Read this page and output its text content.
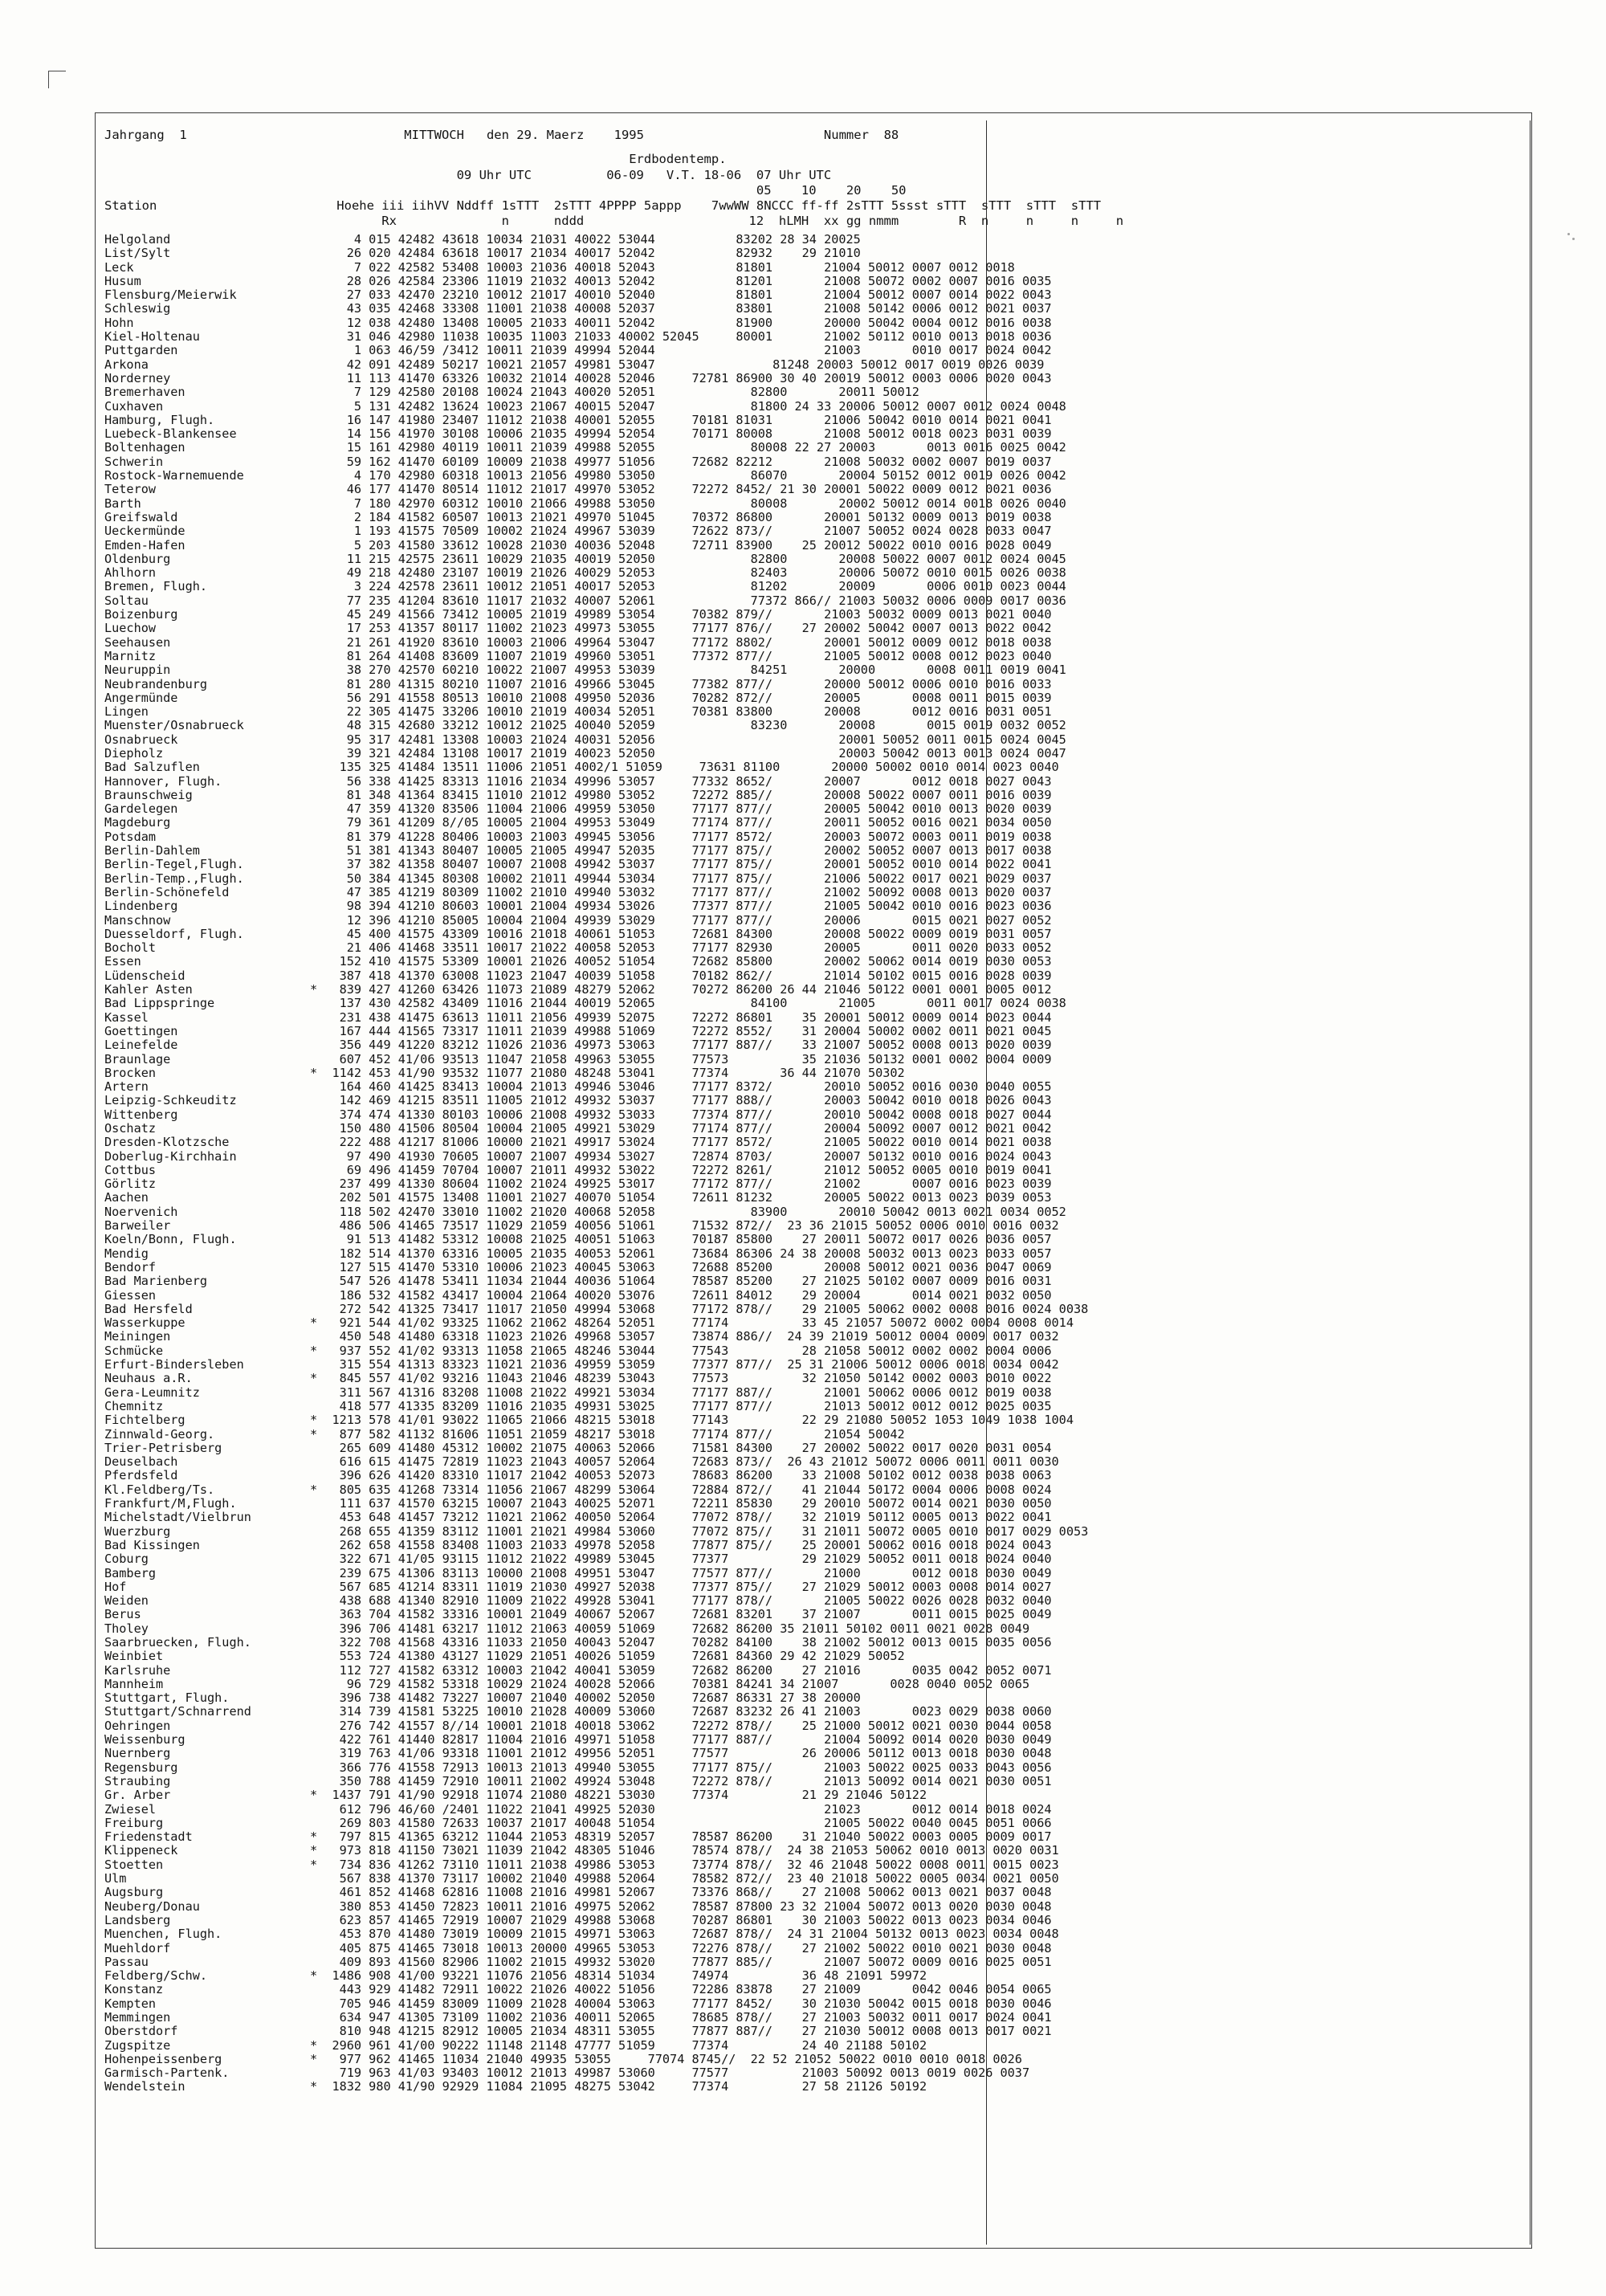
Jahrgang 1	MITTWOCH den 29. Maerz 1995	Nummer 88
Erdbodentemp.
09 Uhr UTC          06-09   V.T. 18-06  07 Uhr UTC
05    10    20    50
Station                        Hoehe iii iihVV Nddff 1sTTT  2sTTT 4PPPP 5appp    7wwWW 8NCCC ff-ff 2sTTT 5ssst sTTT  sTTT  sTTT  sTTT
Rx              n      nddd                      12  hLMH  xx gg nmmm        R  n     n     n     n
Helgoland                         4 015 42482 43618 10034 21031 40022 53044           83202 28 34 20025
List/Sylt                        26 020 42484 63618 10017 21034 40017 52042           82932    29 21010
Leck                              7 022 42582 53408 10003 21036 40018 52043           81801       21004 50012 0007 0012 0018
Husum                            28 026 42584 23306 11019 21032 40013 52042           81201       21008 50072 0002 0007 0016 0035
Flensburg/Meierwik               27 033 42470 23210 10012 21017 40010 52040           81801       21004 50012 0007 0014 0022 0043
Schleswig                        43 035 42468 33308 11001 21038 40008 52037           83801       21008 50142 0006 0012 0021 0037
Hohn                             12 038 42480 13408 10005 21033 40011 52042           81900       20000 50042 0004 0012 0016 0038
Kiel-Holtenau                    31 046 42980 11038 10035 11003 21033 40002 52045     80001       21002 50112 0010 0013 0018 0036
Puttgarden                        1 063 46/59 /3412 10011 21039 49994 52044                       21003       0010 0017 0024 0042
Arkona                           42 091 42489 50217 10021 21057 49981 53047                81248 20003 50012 0017 0019 0026 0039
Norderney                        11 113 41470 63326 10032 21014 40028 52046     72781 86900 30 40 20019 50012 0003 0006 0020 0043
Bremerhaven                       7 129 42580 20108 10024 21043 40020 52051             82800       20011 50012
Cuxhaven                          5 131 42482 13624 10023 21067 40015 52047             81800 24 33 20006 50012 0007 0012 0024 0048
Hamburg, Flugh.                  16 147 41980 23407 11012 21038 40001 52055     70181 81031       21006 50042 0010 0014 0021 0041
Luebeck-Blankensee               14 156 41970 30108 10006 21035 49994 52054     70171 80008       21008 50012 0018 0023 0031 0039
Boltenhagen                      15 161 42980 40119 10011 21039 49988 52055             80008 22 27 20003       0013 0016 0025 0042
Schwerin                         59 162 41470 60109 10009 21038 49977 51056     72682 82212       21008 50032 0002 0007 0019 0037
Rostock-Warnemuende               4 170 42980 60318 10013 21056 49980 53050             86070       20004 50152 0012 0019 0026 0042
Teterow                          46 177 41470 80514 11012 21017 49970 53052     72272 8452/ 21 30 20001 50022 0009 0012 0021 0036
Barth                             7 180 42970 60312 10010 21066 49988 53050             80008       20002 50012 0014 0018 0026 0040
Greifswald                        2 184 41582 60507 10013 21021 49970 51045     70372 86800       20001 50132 0009 0013 0019 0038
Ueckermünde                       1 193 41575 70509 10002 21024 49967 53039     72622 873//       21007 50052 0024 0028 0033 0047
Emden-Hafen                       5 203 41580 33612 10028 21030 40036 52048     72711 83900    25 20012 50022 0010 0016 0028 0049
Oldenburg                        11 215 42575 23611 10029 21035 40019 52050             82800       20008 50022 0007 0012 0024 0045
Ahlhorn                          49 218 42480 23107 10019 21026 40029 52053             82403       20006 50072 0010 0015 0026 0038
Bremen, Flugh.                    3 224 42578 23611 10012 21051 40017 52053             81202       20009       0006 0010 0023 0044
Soltau                           77 235 41204 83610 11017 21032 40007 52061             77372 866// 21003 50032 0006 0009 0017 0036
Boizenburg                       45 249 41566 73412 10005 21019 49989 53054     70382 879//       21003 50032 0009 0013 0021 0040
Luechow                          17 253 41357 80117 11002 21023 49973 53055     77177 876//    27 20002 50042 0007 0013 0022 0042
Seehausen                        21 261 41920 83610 10003 21006 49964 53047     77172 8802/       20001 50012 0009 0012 0018 0038
Marnitz                          81 264 41408 83609 11007 21019 49960 53051     77372 877//       21005 50012 0008 0012 0023 0040
Neuruppin                        38 270 42570 60210 10022 21007 49953 53039             84251       20000       0008 0011 0019 0041
Neubrandenburg                   81 280 41315 80210 11007 21016 49966 53045     77382 877//       20000 50012 0006 0010 0016 0033
Angermünde                       56 291 41558 80513 10010 21008 49950 52036     70282 872//       20005       0008 0011 0015 0039
Lingen                           22 305 41475 33206 10010 21019 40034 52051     70381 83800       20008       0012 0016 0031 0051
Muenster/Osnabrueck              48 315 42680 33212 10012 21025 40040 52059             83230       20008       0015 0019 0032 0052
Osnabrueck                       95 317 42481 13308 10003 21024 40031 52056                         20001 50052 0011 0015 0024 0045
Diepholz                         39 321 42484 13108 10017 21019 40023 52050                         20003 50042 0013 0013 0024 0047
Bad Salzuflen                   135 325 41484 13511 11006 21051 4002/1 51059     73631 81100       20000 50002 0010 0014 0023 0040
Hannover, Flugh.                 56 338 41425 83313 11016 21034 49996 53057     77332 8652/       20007       0012 0018 0027 0043
Braunschweig                     81 348 41364 83415 11010 21012 49980 53052     72272 885//       20008 50022 0007 0011 0016 0039
Gardelegen                       47 359 41320 83506 11004 21006 49959 53050     77177 877//       20005 50042 0010 0013 0020 0039
Magdeburg                        79 361 41209 8//05 10005 21004 49953 53049     77174 877//       20011 50052 0016 0021 0034 0050
Potsdam                          81 379 41228 80406 10003 21003 49945 53056     77177 8572/       20003 50072 0003 0011 0019 0038
Berlin-Dahlem                    51 381 41343 80407 10005 21005 49947 52035     77177 875//       20002 50052 0007 0013 0017 0038
Berlin-Tegel,Flugh.              37 382 41358 80407 10007 21008 49942 53037     77177 875//       20001 50052 0010 0014 0022 0041
Berlin-Temp.,Flugh.              50 384 41345 80308 10002 21011 49944 53034     77177 875//       21006 50022 0017 0021 0029 0037
Berlin-Schönefeld                47 385 41219 80309 11002 21010 49940 53032     77177 877//       21002 50092 0008 0013 0020 0037
Lindenberg                       98 394 41210 80603 10001 21004 49934 53026     77377 877//       21005 50042 0010 0016 0023 0036
Manschnow                        12 396 41210 85005 10004 21004 49939 53029     77177 877//       20006       0015 0021 0027 0052
Duesseldorf, Flugh.              45 400 41575 43309 10016 21018 40061 51053     72681 84300       20008 50022 0009 0019 0031 0057
Bocholt                          21 406 41468 33511 10017 21022 40058 52053     77177 82930       20005       0011 0020 0033 0052
Essen                           152 410 41575 53309 10001 21026 40052 51054     72682 85800       20002 50062 0014 0019 0030 0053
Lüdenscheid                     387 418 41370 63008 11023 21047 40039 51058     70182 862//       21014 50102 0015 0016 0028 0039
Kahler Asten                *   839 427 41260 63426 11073 21089 48279 52062     70272 86200 26 44 21046 50122 0001 0001 0005 0012
Bad Lippspringe                 137 430 42582 43409 11016 21044 40019 52065             84100       21005       0011 0017 0024 0038
Kassel                          231 438 41475 63613 11011 21056 49939 52075     72272 86801    35 20001 50012 0009 0014 0023 0044
Goettingen                      167 444 41565 73317 11011 21039 49988 51069     72272 8552/    31 20004 50002 0002 0011 0021 0045
Leinefelde                      356 449 41220 83212 11026 21036 49973 53063     77177 887//    33 21007 50052 0008 0013 0020 0039
Braunlage                       607 452 41/06 93513 11047 21058 49963 53055     77573          35 21036 50132 0001 0002 0004 0009
Brocken                     *  1142 453 41/90 93532 11077 21080 48248 53041     77374       36 44 21070 50302
Artern                          164 460 41425 83413 10004 21013 49946 53046     77177 8372/       20010 50052 0016 0030 0040 0055
Leipzig-Schkeuditz              142 469 41215 83511 11005 21012 49932 53037     77177 888//       20003 50042 0010 0018 0026 0043
Wittenberg                      374 474 41330 80103 10006 21008 49932 53033     77374 877//       20010 50042 0008 0018 0027 0044
Oschatz                         150 480 41506 80504 10004 21005 49921 53029     77174 877//       20004 50092 0007 0012 0021 0042
Dresden-Klotzsche               222 488 41217 81006 10000 21021 49917 53024     77177 8572/       21005 50022 0010 0014 0021 0038
Doberlug-Kirchhain               97 490 41930 70605 10007 21007 49934 53027     72874 8703/       20007 50132 0010 0016 0024 0043
Cottbus                          69 496 41459 70704 10007 21011 49932 53022     72272 8261/       21012 50052 0005 0010 0019 0041
Görlitz                         237 499 41330 80604 11002 21024 49925 53017     77172 877//       21002       0007 0016 0023 0039
Aachen                          202 501 41575 13408 11001 21027 40070 51054     72611 81232       20005 50022 0013 0023 0039 0053
Noervenich                      118 502 42470 33010 11002 21020 40068 52058             83900       20010 50042 0013 0021 0034 0052
Barweiler                       486 506 41465 73517 11029 21059 40056 51061     71532 872//  23 36 21015 50052 0006 0010 0016 0032
Koeln/Bonn, Flugh.               91 513 41482 53312 10008 21025 40051 51063     70187 85800    27 20011 50072 0017 0026 0036 0057
Mendig                          182 514 41370 63316 10005 21035 40053 52061     73684 86306 24 38 20008 50032 0013 0023 0033 0057
Bendorf                         127 515 41470 53310 10006 21023 40045 53063     72688 85200       20008 50012 0021 0036 0047 0069
Bad Marienberg                  547 526 41478 53411 11034 21044 40036 51064     78587 85200    27 21025 50102 0007 0009 0016 0031
Giessen                         186 532 41582 43417 10004 21064 40020 53076     72611 84012    29 20004       0014 0021 0032 0050
Bad Hersfeld                    272 542 41325 73417 11017 21050 49994 53068     77172 878//    29 21005 50062 0002 0008 0016 0024 0038
Wasserkuppe                 *   921 544 41/02 93325 11062 21062 48264 52051     77174          33 45 21057 50072 0002 0004 0008 0014
Meiningen                       450 548 41480 63318 11023 21026 49968 53057     73874 886//  24 39 21019 50012 0004 0009 0017 0032
Schmücke                    *   937 552 41/02 93313 11058 21065 48246 53044     77543          28 21058 50012 0002 0002 0004 0006
Erfurt-Bindersleben             315 554 41313 83323 11021 21036 49959 53059     77377 877//  25 31 21006 50012 0006 0018 0034 0042
Neuhaus a.R.                *   845 557 41/02 93216 11043 21046 48239 53043     77573          32 21050 50142 0002 0003 0010 0022
Gera-Leumnitz                   311 567 41316 83208 11008 21022 49921 53034     77177 887//       21001 50062 0006 0012 0019 0038
Chemnitz                        418 577 41335 83209 11016 21035 49931 53025     77177 877//       21013 50012 0012 0012 0025 0035
Fichtelberg                 *  1213 578 41/01 93022 11065 21066 48215 53018     77143          22 29 21080 50052 1053 1049 1038 1004
Zinnwald-Georg.             *   877 582 41132 81606 11051 21059 48217 53018     77174 877//       21054 50042
Trier-Petrisberg                265 609 41480 45312 10002 21075 40063 52066     71581 84300    27 20002 50022 0017 0020 0031 0054
Deuselbach                      616 615 41475 72819 11023 21043 40057 52064     72683 873//  26 43 21012 50072 0006 0011 0011 0030
Pferdsfeld                      396 626 41420 83310 11017 21042 40053 52073     78683 86200    33 21008 50102 0012 0038 0038 0063
Kl.Feldberg/Ts.             *   805 635 41268 73314 11056 21067 48299 53064     72884 872//    41 21044 50172 0004 0006 0008 0024
Frankfurt/M,Flugh.              111 637 41570 63215 10007 21043 40025 52071     72211 85830    29 20010 50072 0014 0021 0030 0050
Michelstadt/Vielbrun            453 648 41457 73212 11021 21062 40050 52064     77072 878//    32 21019 50112 0005 0013 0022 0041
Wuerzburg                       268 655 41359 83112 11001 21021 49984 53060     77072 875//    31 21011 50072 0005 0010 0017 0029 0053
Bad Kissingen                   262 658 41558 83408 11003 21033 49978 52058     77877 875//    25 20001 50062 0016 0018 0024 0043
Coburg                          322 671 41/05 93115 11012 21022 49989 53045     77377          29 21029 50052 0011 0018 0024 0040
Bamberg                         239 675 41306 83113 10000 21008 49951 53047     77577 877//       21000       0012 0018 0030 0049
Hof                             567 685 41214 83311 11019 21030 49927 52038     77377 875//    27 21029 50012 0003 0008 0014 0027
Weiden                          438 688 41340 82910 11009 21022 49928 53041     77177 878//       21005 50022 0026 0028 0032 0040
Berus                           363 704 41582 33316 10001 21049 40067 52067     72681 83201    37 21007       0011 0015 0025 0049
Tholey                          396 706 41481 63217 11012 21063 40059 51069     72682 86200 35 21011 50102 0011 0021 0028 0049
Saarbruecken, Flugh.            322 708 41568 43316 11033 21050 40043 52047     70282 84100    38 21002 50012 0013 0015 0035 0056
Weinbiet                        553 724 41380 43127 11029 21051 40026 51059     72681 84360 29 42 21029 50052
Karlsruhe                       112 727 41582 63312 10003 21042 40041 53059     72682 86200    27 21016       0035 0042 0052 0071
Mannheim                         96 729 41582 53318 10029 21024 40028 52066     70381 84241 34 21007       0028 0040 0052 0065
Stuttgart, Flugh.               396 738 41482 73227 10007 21040 40002 52050     72687 86331 27 38 20000
Stuttgart/Schnarrend            314 739 41581 53225 10010 21028 40009 53060     72687 83232 26 41 21003       0023 0029 0038 0060
Oehringen                       276 742 41557 8//14 10001 21018 40018 53062     72272 878//    25 21000 50012 0021 0030 0044 0058
Weissenburg                     422 761 41440 82817 11004 21016 49971 51058     77177 887//       21004 50092 0014 0020 0030 0049
Nuernberg                       319 763 41/06 93318 11001 21012 49956 52051     77577          26 20006 50112 0013 0018 0030 0048
Regensburg                      366 776 41558 72913 10013 21013 49940 53055     77177 875//       21003 50022 0025 0033 0043 0056
Straubing                       350 788 41459 72910 10011 21002 49924 53048     72272 878//       21013 50092 0014 0021 0030 0051
Gr. Arber                   *  1437 791 41/90 92918 11074 21080 48221 53030     77374          21 29 21046 50122
Zwiesel                         612 796 46/60 /2401 11022 21041 49925 52030                       21023       0012 0014 0018 0024
Freiburg                        269 803 41580 72633 10037 21017 40048 51054                       21005 50022 0040 0045 0051 0066
Friedenstadt                *   797 815 41365 63212 11044 21053 48319 52057     78587 86200    31 21040 50022 0003 0005 0009 0017
Klippeneck                  *   973 818 41150 73021 11039 21042 48305 51046     78574 878//  24 38 21053 50062 0010 0013 0020 0031
Stoetten                    *   734 836 41262 73110 11011 21038 49986 53053     73774 878//  32 46 21048 50022 0008 0011 0015 0023
Ulm                             567 838 41370 73117 10002 21040 49988 52064     78582 872//  23 40 21018 50022 0005 0034 0021 0050
Augsburg                        461 852 41468 62816 11008 21016 49981 52067     73376 868//    27 21008 50062 0013 0021 0037 0048
Neuberg/Donau                   380 853 41450 72823 10011 21016 49975 52062     78587 87800 23 32 21004 50072 0013 0020 0030 0048
Landsberg                       623 857 41465 72919 10007 21029 49988 53068     70287 86801    30 21003 50022 0013 0023 0034 0046
Muenchen, Flugh.                453 870 41480 73019 10009 21015 49971 53063     72687 878//  24 31 21004 50132 0013 0023 0034 0048
Muehldorf                       405 875 41465 73018 10013 20000 49965 53053     72276 878//    27 21002 50022 0010 0021 0030 0048
Passau                          409 893 41560 82906 11002 21015 49932 53020     77877 885//       21007 50072 0009 0016 0025 0051
Feldberg/Schw.              *  1486 908 41/00 93221 11076 21056 48314 51034     74974          36 48 21091 59972
Konstanz                        443 929 41482 72911 10022 21026 40022 51056     72286 83878    27 21009       0042 0046 0054 0065
Kempten                         705 946 41459 83009 11009 21028 40004 53063     77177 8452/    30 21030 50042 0015 0018 0030 0046
Memmingen                       634 947 41305 73109 11002 21036 40011 52065     78685 878//    27 21003 50032 0011 0017 0024 0041
Oberstdorf                      810 948 41215 82912 10005 21034 48311 53055     77877 887//    27 21030 50012 0008 0013 0017 0021
Zugspitze                   *  2960 961 41/00 90222 11148 21148 47777 51059     77374          24 40 21188 50102
Hohenpeissenberg            *   977 962 41465 11034 21040 49935 53055     77074 8745//  22 52 21052 50022 0010 0010 0018 0026
Garmisch-Partenk.               719 963 41/03 93403 10012 21013 49987 53060     77577          21003 50092 0013 0019 0026 0037
Wendelstein                 *  1832 980 41/90 92929 11084 21095 48275 53042     77374          27 58 21126 50192
